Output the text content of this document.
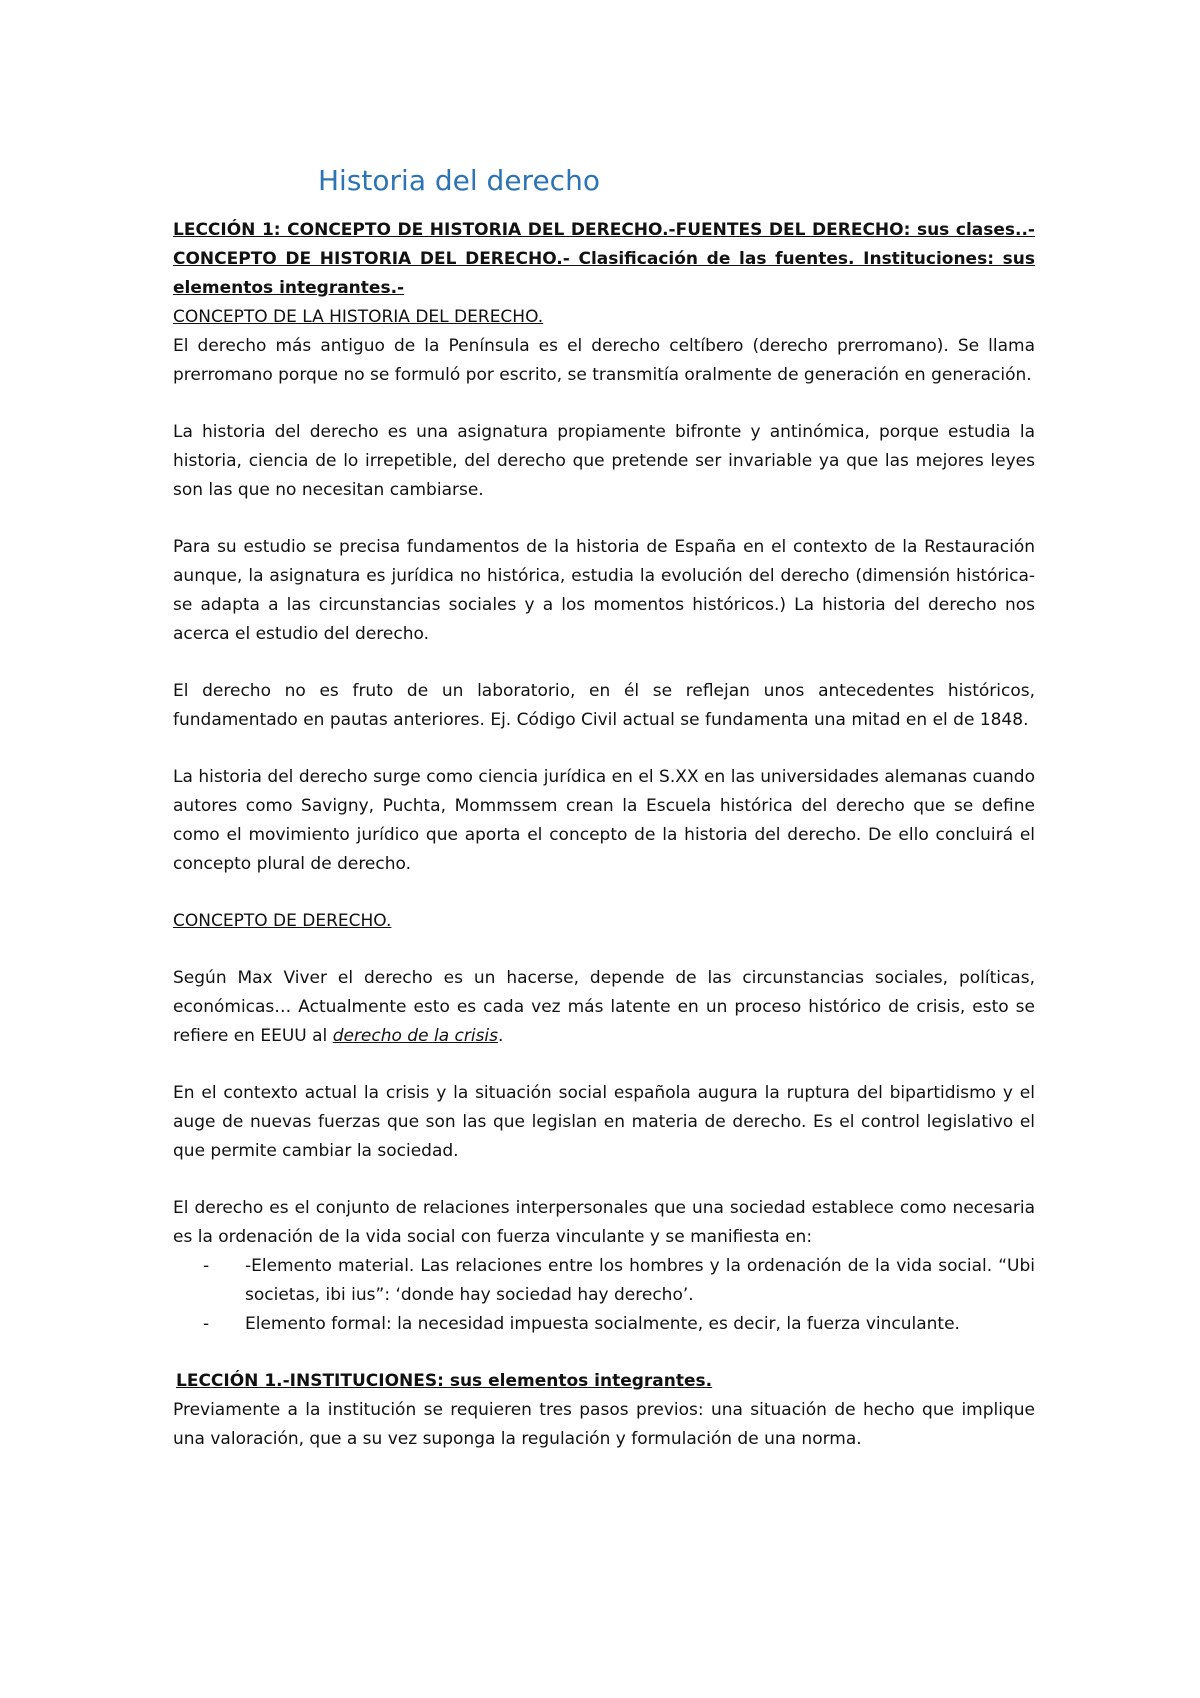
Historia del derecho

LECCIÓN 1: CONCEPTO DE HISTORIA DEL DERECHO.-FUENTES DEL DERECHO: sus clases..- CONCEPTO DE HISTORIA DEL DERECHO.- Clasificación de las fuentes. Instituciones: sus elementos integrantes.-

CONCEPTO DE LA HISTORIA DEL DERECHO.

El derecho más antiguo de la Península es el derecho celtíbero (derecho prerromano). Se llama prerromano porque no se formuló por escrito, se transmitía oralmente de generación en generación.

La historia del derecho es una asignatura propiamente bifronte y antinómica, porque estudia la historia, ciencia de lo irrepetible, del derecho que pretende ser invariable ya que las mejores leyes son las que no necesitan cambiarse.

Para su estudio se precisa fundamentos de la historia de España en el contexto de la Restauración aunque, la asignatura es jurídica no histórica, estudia la evolución del derecho (dimensión histórica- se adapta a las circunstancias sociales y a los momentos históricos.) La historia del derecho nos acerca el estudio del derecho.

El derecho no es fruto de un laboratorio, en él se reflejan unos antecedentes históricos, fundamentado en pautas anteriores. Ej. Código Civil actual se fundamenta una mitad en el de 1848.

La historia del derecho surge como ciencia jurídica en el S.XX en las universidades alemanas cuando autores como Savigny, Puchta, Mommssem crean la Escuela histórica del derecho que se define como el movimiento jurídico que aporta el concepto de la historia del derecho. De ello concluirá el concepto plural de derecho.

CONCEPTO DE DERECHO.

Según Max Viver el derecho es un hacerse, depende de las circunstancias sociales, políticas, económicas… Actualmente esto es cada vez más latente en un proceso histórico de crisis, esto se refiere en EEUU al derecho de la crisis.

En el contexto actual la crisis y la situación social española augura la ruptura del bipartidismo y el auge de nuevas fuerzas que son las que legislan en materia de derecho. Es el control legislativo el que permite cambiar la sociedad.

El derecho es el conjunto de relaciones interpersonales que una sociedad establece como necesaria es la ordenación de la vida social con fuerza vinculante y se manifiesta en:

- -Elemento material. Las relaciones entre los hombres y la ordenación de la vida social. “Ubi societas, ibi ius”: ‘donde hay sociedad hay derecho’.
- Elemento formal: la necesidad impuesta socialmente, es decir, la fuerza vinculante.

LECCIÓN 1.-INSTITUCIONES: sus elementos integrantes.

Previamente a la institución se requieren tres pasos previos: una situación de hecho que implique una valoración, que a su vez suponga la regulación y formulación de una norma.
